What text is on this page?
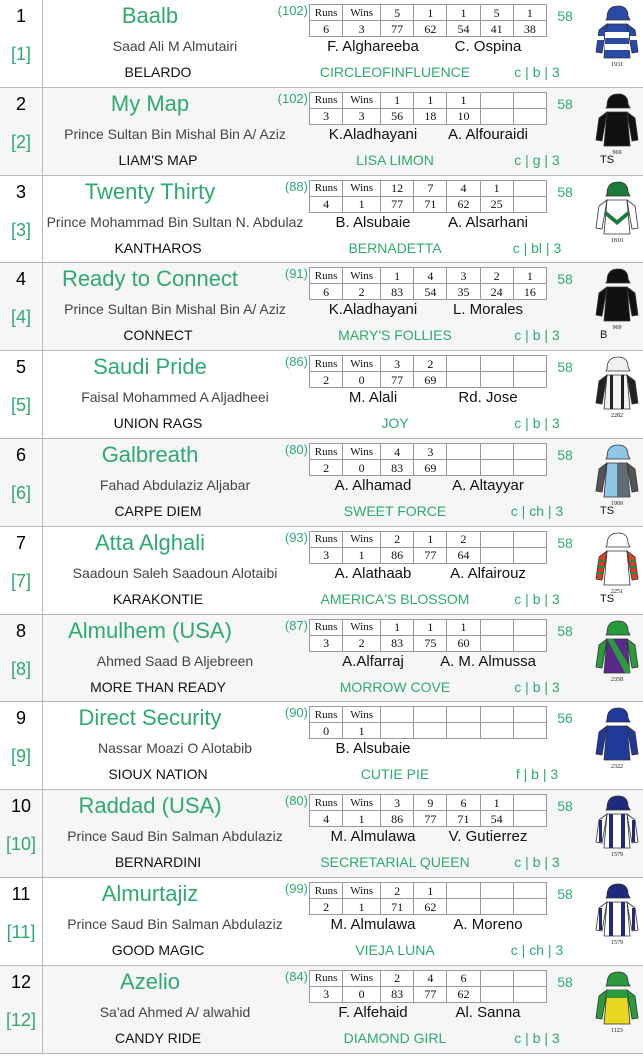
1
[1]
Baalb	(102)
Saad Ali M Almutairi
BELARDO	CIRCLEOFINFLUENCE	c | b | 3
F. Alghareeba	C. Ospina
58
Runs	Wins	5	1	1	5	1
6	3	77	62	54	41	38
1931
2
[2]
My Map	(102)
Prince Sultan Bin Mishal Bin A/ Aziz
LIAM'S MAP	LISA LIMON	c | g | 3
K.Aladhayani	A. Alfouraidi
58
Runs	Wins	1	1	1		
3	3	56	18	10		
969
TS
3
[3]
Twenty Thirty	(88)
Prince Mohammad Bin Sultan N. Abdulaz
KANTHAROS	BERNADETTA	c | bl | 3
B. Alsubaie	A. Alsarhani
58
Runs	Wins	12	7	4	1	
4	1	77	71	62	25	
1810
4
[4]
Ready to Connect	(91)
Prince Sultan Bin Mishal Bin A/ Aziz
CONNECT	MARY'S FOLLIES	c | b | 3
K.Aladhayani	L. Morales
58
Runs	Wins	1	4	3	2	1
6	2	83	54	35	24	16
969
B
5
[5]
Saudi Pride	(86)
Faisal Mohammed A Aljadheei
UNION RAGS	JOY	c | b | 3
M. Alali	Rd. Jose
58
Runs	Wins	3	2			
2	0	77	69			
2282
6
[6]
Galbreath	(80)
Fahad Abdulaziz Aljabar
CARPE DIEM	SWEET FORCE	c | ch | 3
A. Alhamad	A. Altayyar
58
Runs	Wins	4	3			
2	0	83	69			
1909
TS
7
[7]
Atta Alghali	(93)
Saadoun Saleh Saadoun Alotaibi
KARAKONTIE	AMERICA'S BLOSSOM	c | b | 3
A. Alathaab	A. Alfairouz
58
Runs	Wins	2	1	2		
3	1	86	77	64		
2251
TS
8
[8]
Almulhem (USA)	(87)
Ahmed Saad B Aljebreen
MORE THAN READY	MORROW COVE	c | b | 3
A.Alfarraj	A. M. Almussa
58
Runs	Wins	1	1	1		
3	2	83	75	60		
2358
9
[9]
Direct Security	(90)
Nassar Moazi O Alotabib
SIOUX NATION	CUTIE PIE	f | b | 3
B. Alsubaie
56
Runs	Wins					
0	1					
2322
10
[10]
Raddad (USA)	(80)
Prince Saud Bin Salman Abdulaziz
BERNARDINI	SECRETARIAL QUEEN	c | b | 3
M. Almulawa	V. Gutierrez
58
Runs	Wins	3	9	6	1	
4	1	86	77	71	54	
1579
11
[11]
Almurtajiz	(99)
Prince Saud Bin Salman Abdulaziz
GOOD MAGIC	VIEJA LUNA	c | ch | 3
M. Almulawa	A. Moreno
58
Runs	Wins	2	1			
2	1	71	62			
1579
12
[12]
Azelio	(84)
Sa'ad Ahmed A/ alwahid
CANDY RIDE	DIAMOND GIRL	c | b | 3
F. Alfehaid	Al. Sanna
58
Runs	Wins	2	4	6		
3	0	83	77	62		
1123
